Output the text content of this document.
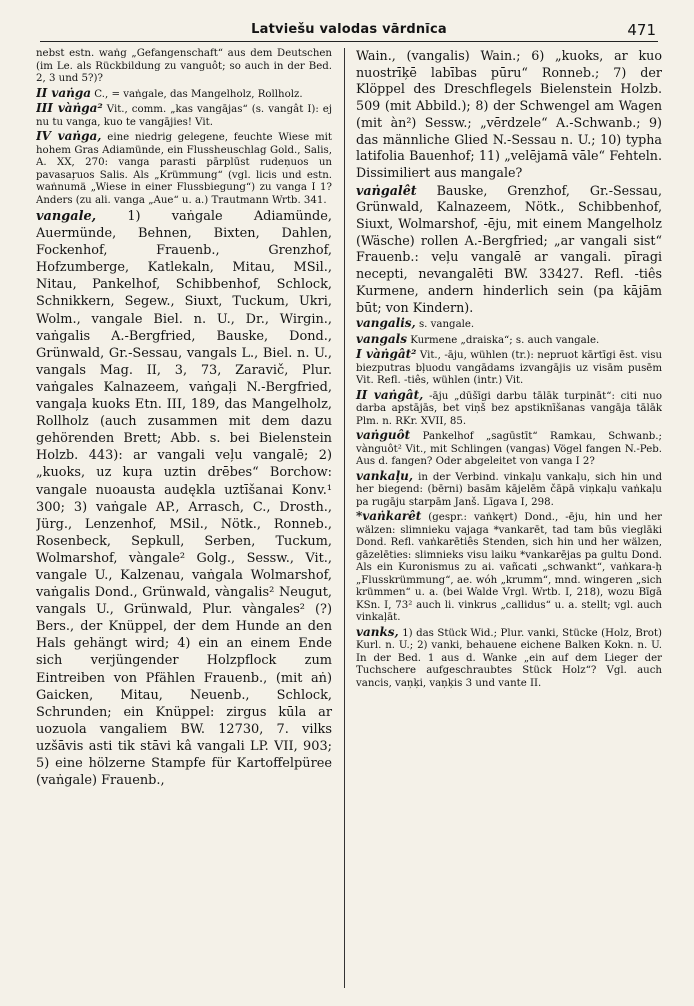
Latviešu valodas vārdnīca	471

nebst estn. waṅg „Gefangenschaft“ aus dem Deutschen (im Le. als Rückbildung zu vanguôt; so auch in der Bed. 2, 3 und 5?)?

II vaṅga C., = vaṅgale, das Mangelholz, Rollholz.

III vàṅga² Vit., comm. „kas vangājas“ (s. vangât I): ej nu tu vanga, kuo te vangājies! Vit.

IV vaṅga, eine niedrig gelegene, feuchte Wiese mit hohem Gras Adiamünde, ein Flussheuschlag Gold., Salis, A. XX, 270: vanga parasti pārplūst rudeņuos un pavasaŗuos Salis. Als „Krümmung“ (vgl. licis und estn. waṅnumä „Wiese in einer Flussbiegung“) zu vanga I 1? Anders (zu ali. vanga „Aue“ u. a.) Trautmann Wrtb. 341.

vangale, 1) vaṅgale Adiamünde, Auermünde, Behnen, Bixten, Dahlen, Fockenhof, Frauenb., Grenzhof, Hofzumberge, Katlekaln, Mitau, MSil., Nitau, Pankelhof, Schibbenhof, Schlock, Schnikkern, Segew., Siuxt, Tuckum, Ukri, Wolm., vangale Biel. n. U., Dr., Wirgin., vaṅgalis A.-Bergfried, Bauske, Dond., Grünwald, Gr.-Sessau, vangals L., Biel. n. U., vangals Mag. II, 3, 73, Zaravič, Plur. vaṅgales Kalnazeem, vaṅgaļi N.-Bergfried, vangaļa kuoks Etn. III, 189, das Mangelholz, Rollholz (auch zusammen mit dem dazu gehörenden Brett; Abb. s. bei Bielenstein Holzb. 443): ar vangali veļu vangalē; 2) „kuoks, uz kuŗa uztin drēbes“ Borchow: vangale nuoausta audękla uztīšanai Konv.¹ 300; 3) vaṅgale AP., Arrasch, C., Drosth., Jürg., Lenzenhof, MSil., Nötk., Ronneb., Rosenbeck, Sepkull, Serben, Tuckum, Wolmarshof, vàngale² Golg., Sessw., Vit., vangale U., Kalzenau, vaṅgala Wolmarshof, vaṅgalis Dond., Grünwald, vàngalis² Neugut, vangals U., Grünwald, Plur. vàngales² (?) Bers., der Knüppel, der dem Hunde an den Hals gehängt wird; 4) ein an einem Ende sich verjüngender Holzpflock zum Eintreiben von Pfählen Frauenb., (mit aṅ) Gaicken, Mitau, Neuenb., Schlock, Schrunden; ein Knüppel: zirgus kūla ar uozuola vangaliem BW. 12730, 7. vilks uzšāvis asti tik stāvi kâ vangali LP. VII, 903; 5) eine hölzerne Stampfe für Kartoffelpüree (vaṅgale) Frauenb.,

Wain., (vangalis) Wain.; 6) „kuoks, ar kuo nuostrīķē labības pūru“ Ronneb.; 7) der Klöppel des Dreschflegels Bielenstein Holzb. 509 (mit Abbild.); 8) der Schwengel am Wagen (mit àn²) Sessw.; „vērdzele“ A.-Schwanb.; 9) das männliche Glied N.-Sessau n. U.; 10) typha latifolia Bauenhof; 11) „velējamā vāle“ Fehteln. Dissimiliert aus mangale?

vaṅgalêt Bauske, Grenzhof, Gr.-Sessau, Grünwald, Kalnazeem, Nötk., Schibbenhof, Siuxt, Wolmarshof, -ēju, mit einem Mangelholz (Wäsche) rollen A.-Bergfried; „ar vangali sist“ Frauenb.: veļu vangalē ar vangali. pīragi necepti, nevangalēti BW. 33427. Refl. -tiês Kurmene, andern hinderlich sein (pa kājām būt; von Kindern).

vangalis, s. vangale.

vangals Kurmene „draiska“; s. auch vangale.

I vàṅgât² Vit., -āju, wühlen (tr.): nepruot kārtīgi ēst. visu biezputras bļuodu vangādams izvangājis uz visām pusēm Vit. Refl. -tiês, wühlen (intr.) Vit.

II vaṅgât, -āju „dūšīgi darbu tālāk turpināt“: citi nuo darba apstājās, bet viņš bez apstiknīšanas vangāja tālāk Plm. n. RKr. XVII, 85.

vaṅguôt Pankelhof „sagūstīt“ Ramkau, Schwanb.; vànguôt² Vit., mit Schlingen (vangas) Vögel fangen N.-Peb. Aus d. fangen? Oder abgeleitet von vanga I 2?

vankaļu, in der Verbind. vinkaļu vankaļu, sich hin und her biegend: (bērni) basām kājelēm čāpā viņkaļu vaṅkaļu pa rugāju starpām Janš. Līgava I, 298.

*vaṅkarêt (gespr.: vaṅkęrt) Dond., -ēju, hin und her wälzen: slimnieku vajaga *vankarēt, tad tam būs vieglāki Dond. Refl. vaṅkarētiês Stenden, sich hin und her wälzen, gāzelēties: slimnieks visu laiku *vankarējas pa gultu Dond. Als ein Kuronismus zu ai. vañcati „schwankt“, vaṅkara-ḥ „Flusskrümmung“, ae. wóh „krumm“, mnd. wingeren „sich krümmen“ u. a. (bei Walde Vrgl. Wrtb. I, 218), wozu Bīgā KSn. I, 73² auch li. vinkrus „callidus“ u. a. stellt; vgl. auch vinkaļāt.

vanks, 1) das Stück Wid.; Plur. vanki, Stücke (Holz, Brot) Kurl. n. U.; 2) vanki, behauene eichene Balken Kokn. n. U. In der Bed. 1 aus d. Wanke „ein auf dem Lieger der Tuchschere aufgeschraubtes Stück Holz“? Vgl. auch vancis, vaņķi, vaņķis 3 und vante II.
